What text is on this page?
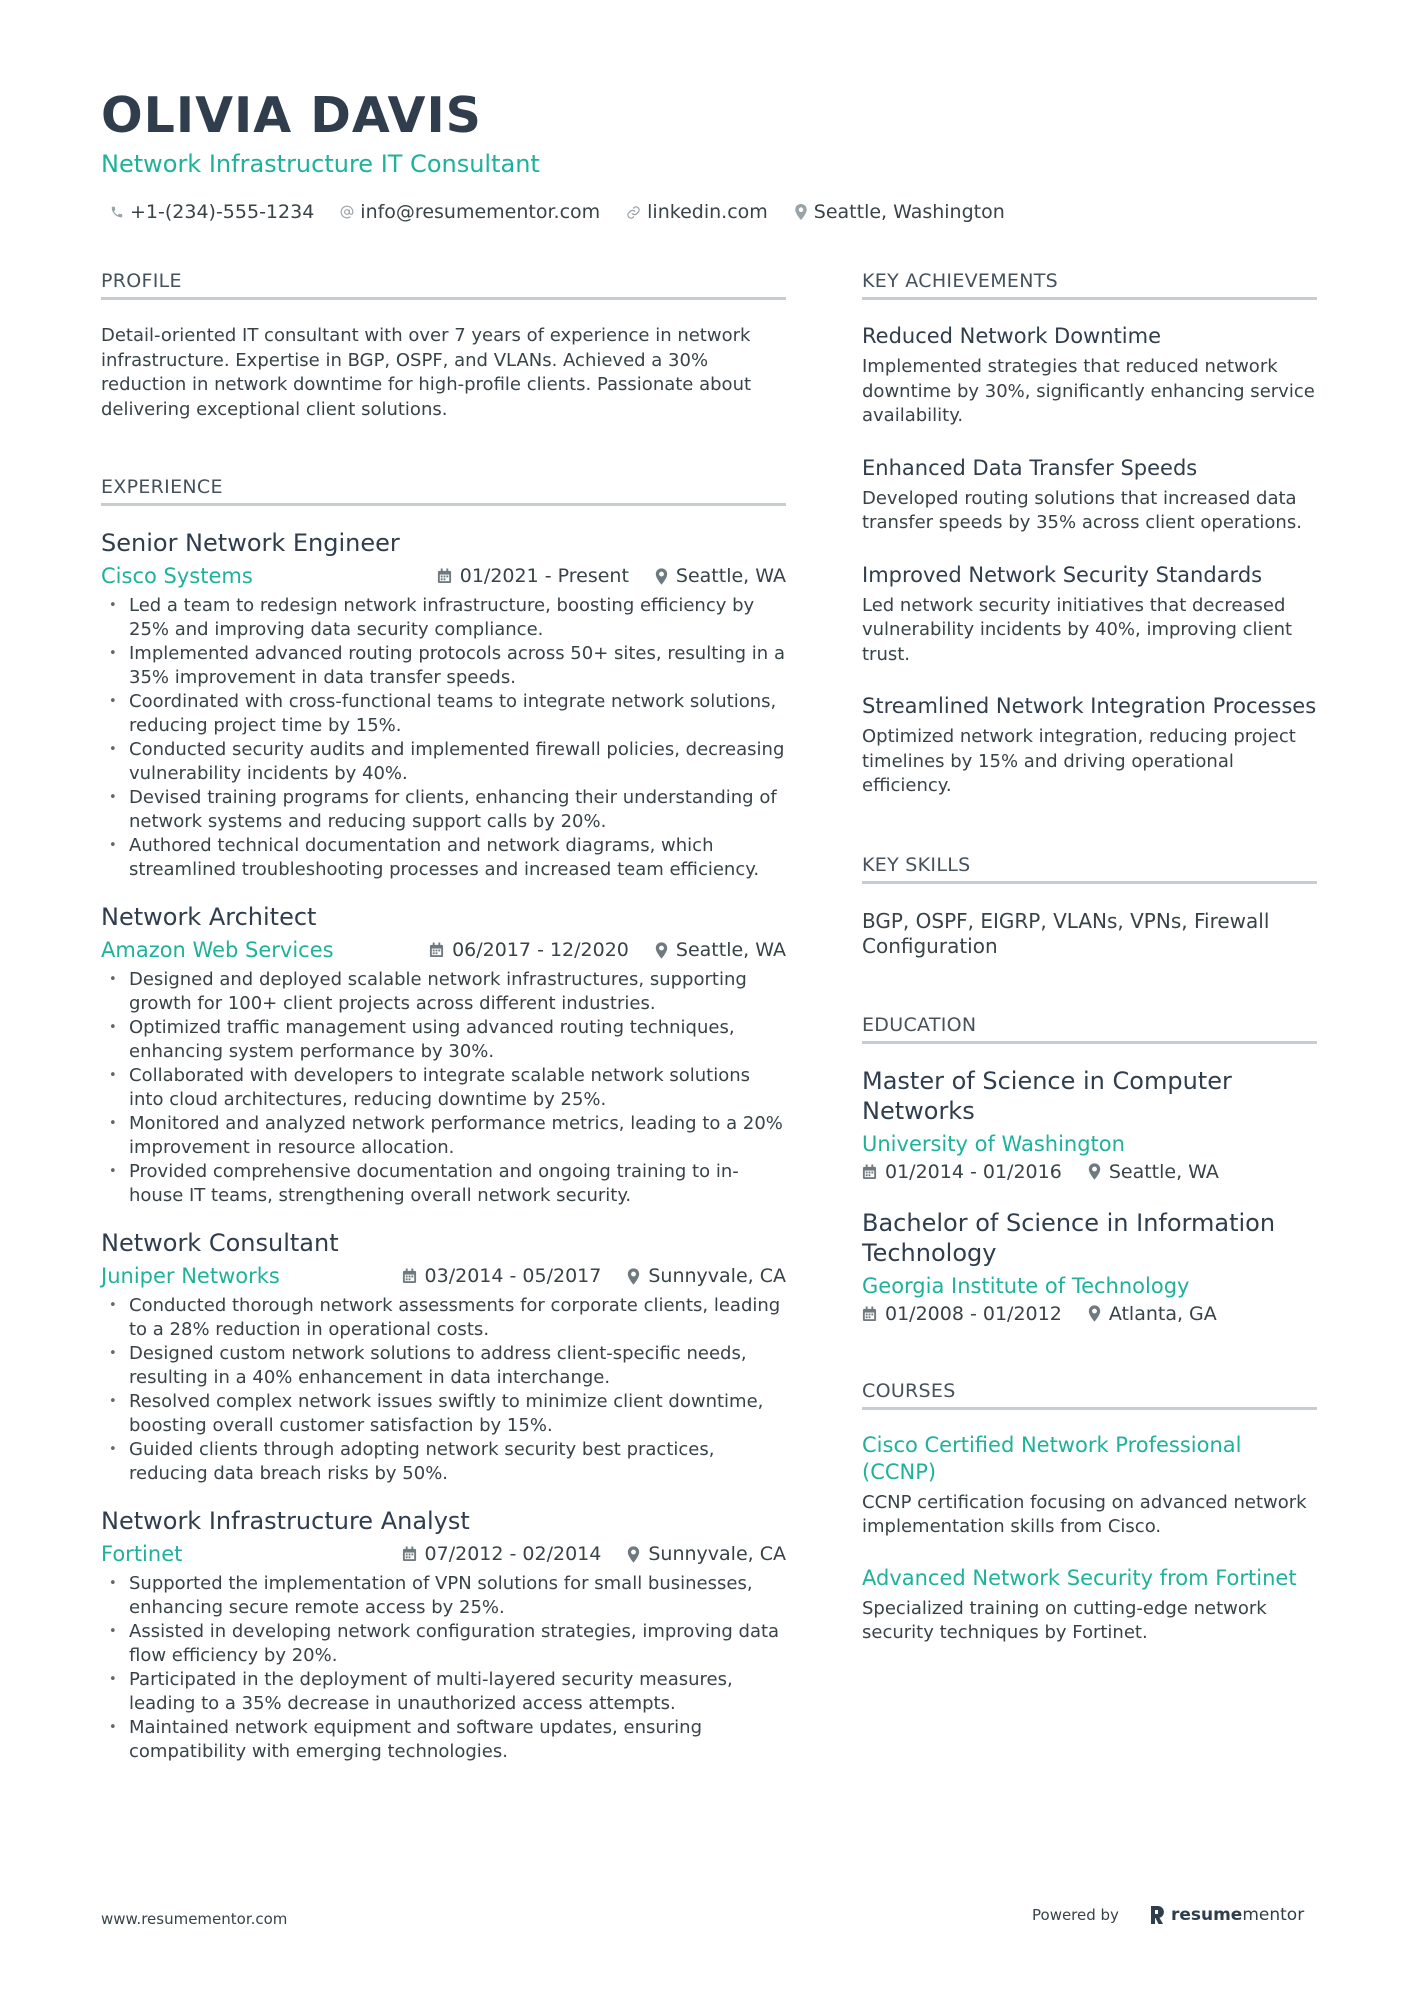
OLIVIA DAVIS
Network Infrastructure IT Consultant
+1-(234)-555-1234 info@resumementor.com linkedin.com Seattle, Washington
PROFILE
Detail-oriented IT consultant with over 7 years of experience in network infrastructure. Expertise in BGP, OSPF, and VLANs. Achieved a 30% reduction in network downtime for high-profile clients. Passionate about delivering exceptional client solutions.
EXPERIENCE
Senior Network Engineer
Cisco Systems	01/2021 - Present Seattle, WA
• Led a team to redesign network infrastructure, boosting efficiency by 25% and improving data security compliance.
• Implemented advanced routing protocols across 50+ sites, resulting in a 35% improvement in data transfer speeds.
• Coordinated with cross-functional teams to integrate network solutions, reducing project time by 15%.
• Conducted security audits and implemented firewall policies, decreasing vulnerability incidents by 40%.
• Devised training programs for clients, enhancing their understanding of network systems and reducing support calls by 20%.
• Authored technical documentation and network diagrams, which streamlined troubleshooting processes and increased team efficiency.
Network Architect
Amazon Web Services	06/2017 - 12/2020 Seattle, WA
• Designed and deployed scalable network infrastructures, supporting growth for 100+ client projects across different industries.
• Optimized traffic management using advanced routing techniques, enhancing system performance by 30%.
• Collaborated with developers to integrate scalable network solutions into cloud architectures, reducing downtime by 25%.
• Monitored and analyzed network performance metrics, leading to a 20% improvement in resource allocation.
• Provided comprehensive documentation and ongoing training to in-house IT teams, strengthening overall network security.
Network Consultant
Juniper Networks	03/2014 - 05/2017 Sunnyvale, CA
• Conducted thorough network assessments for corporate clients, leading to a 28% reduction in operational costs.
• Designed custom network solutions to address client-specific needs, resulting in a 40% enhancement in data interchange.
• Resolved complex network issues swiftly to minimize client downtime, boosting overall customer satisfaction by 15%.
• Guided clients through adopting network security best practices, reducing data breach risks by 50%.
Network Infrastructure Analyst
Fortinet	07/2012 - 02/2014 Sunnyvale, CA
• Supported the implementation of VPN solutions for small businesses, enhancing secure remote access by 25%.
• Assisted in developing network configuration strategies, improving data flow efficiency by 20%.
• Participated in the deployment of multi-layered security measures, leading to a 35% decrease in unauthorized access attempts.
• Maintained network equipment and software updates, ensuring compatibility with emerging technologies.
KEY ACHIEVEMENTS
Reduced Network Downtime
Implemented strategies that reduced network downtime by 30%, significantly enhancing service availability.
Enhanced Data Transfer Speeds
Developed routing solutions that increased data transfer speeds by 35% across client operations.
Improved Network Security Standards
Led network security initiatives that decreased vulnerability incidents by 40%, improving client trust.
Streamlined Network Integration Processes
Optimized network integration, reducing project timelines by 15% and driving operational efficiency.
KEY SKILLS
BGP, OSPF, EIGRP, VLANs, VPNs, Firewall Configuration
EDUCATION
Master of Science in Computer Networks
University of Washington
01/2014 - 01/2016 Seattle, WA
Bachelor of Science in Information Technology
Georgia Institute of Technology
01/2008 - 01/2012 Atlanta, GA
COURSES
Cisco Certified Network Professional (CCNP)
CCNP certification focusing on advanced network implementation skills from Cisco.
Advanced Network Security from Fortinet
Specialized training on cutting-edge network security techniques by Fortinet.
www.resumementor.com	Powered by	resume mentor
